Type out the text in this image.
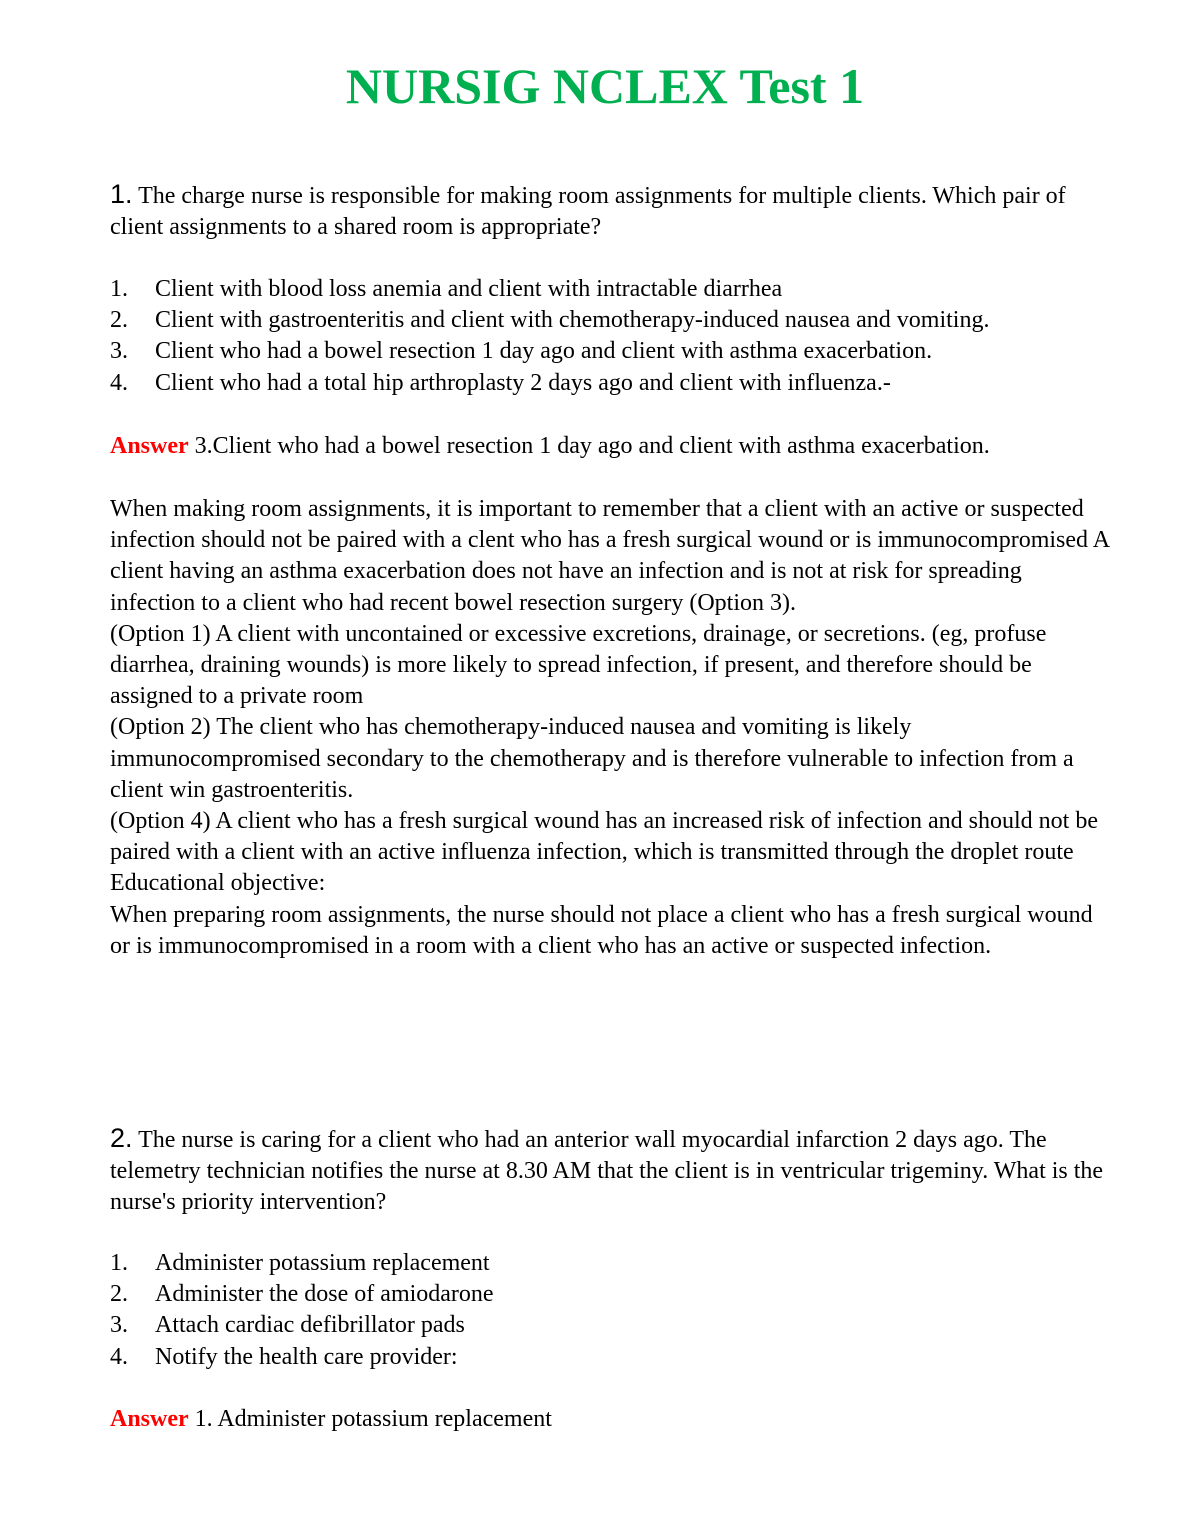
NURSIG NCLEX Test 1
1. The charge nurse is responsible for making room assignments for multiple clients. Which pair of client assignments to a shared room is appropriate?
1. Client with blood loss anemia and client with intractable diarrhea
2. Client with gastroenteritis and client with chemotherapy-induced nausea and vomiting.
3. Client who had a bowel resection 1 day ago and client with asthma exacerbation.
4. Client who had a total hip arthroplasty 2 days ago and client with influenza.-
Answer 3.Client who had a bowel resection 1 day ago and client with asthma exacerbation.

When making room assignments, it is important to remember that a client with an active or suspected infection should not be paired with a clent who has a fresh surgical wound or is immunocompromised A client having an asthma exacerbation does not have an infection and is not at risk for spreading infection to a client who had recent bowel resection surgery (Option 3).

(Option 1) A client with uncontained or excessive excretions, drainage, or secretions. (eg, profuse diarrhea, draining wounds) is more likely to spread infection, if present, and therefore should be assigned to a private room

(Option 2) The client who has chemotherapy-induced nausea and vomiting is likely immunocompromised secondary to the chemotherapy and is therefore vulnerable to infection from a client win gastroenteritis.

(Option 4) A client who has a fresh surgical wound has an increased risk of infection and should not be paired with a client with an active influenza infection, which is transmitted through the droplet route

Educational objective:

When preparing room assignments, the nurse should not place a client who has a fresh surgical wound or is immunocompromised in a room with a client who has an active or suspected infection.

2. The nurse is caring for a client who had an anterior wall myocardial infarction 2 days ago. The telemetry technician notifies the nurse at 8.30 AM that the client is in ventricular trigeminy. What is the nurse's priority intervention?
1. Administer potassium replacement
2. Administer the dose of amiodarone
3. Attach cardiac defibrillator pads
4. Notify the health care provider:
Answer 1. Administer potassium replacement
